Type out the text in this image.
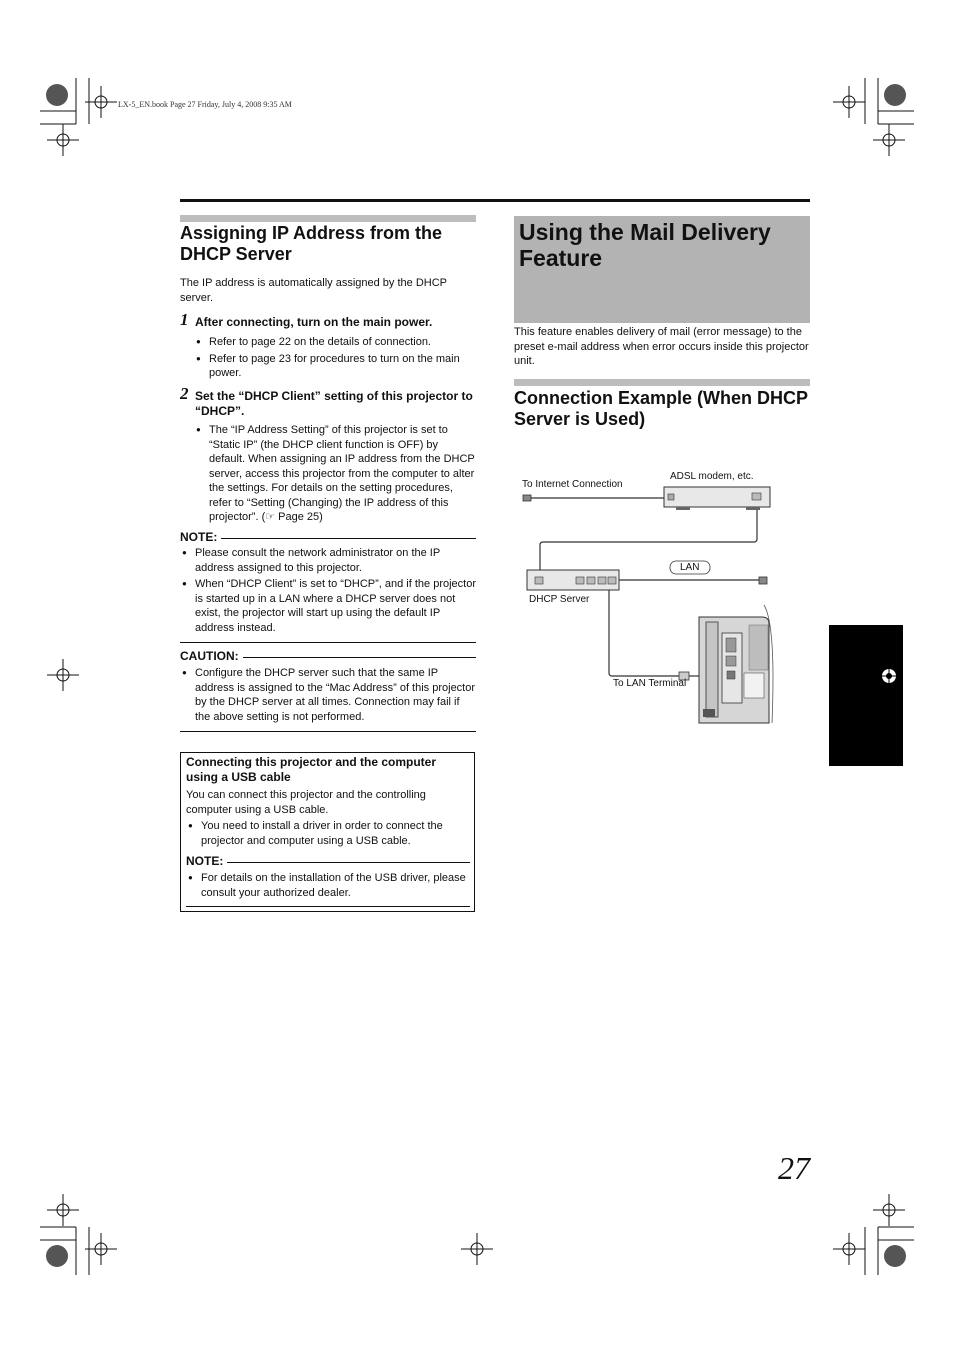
LX-5_EN.book Page 27 Friday, July 4, 2008 9:35 AM
Assigning IP Address from the DHCP Server

The IP address is automatically assigned by the DHCP server.

1 After connecting, turn on the main power.

● Refer to page 22 on the details of connection.

● Refer to page 23 for procedures to turn on the main power.

2 Set the “DHCP Client” setting of this projector to “DHCP”.

● The “IP Address Setting” of this projector is set to “Static IP” (the DHCP client function is OFF) by default. When assigning an IP address from the DHCP server, access this projector from the computer to alter the settings. For details on the setting procedures, refer to “Setting (Changing) the IP address of this projector”. (☞ Page 25)

NOTE:

● Please consult the network administrator on the IP address assigned to this projector.

● When “DHCP Client” is set to “DHCP”, and if the projector is started up in a LAN where a DHCP server does not exist, the projector will start up using the default IP address instead.

CAUTION:

● Configure the DHCP server such that the same IP address is assigned to the “Mac Address” of this projector by the DHCP server at all times. Connection may fail if the above setting is not performed.

Connecting this projector and the computer using a USB cable

You can connect this projector and the controlling computer using a USB cable.

● You need to install a driver in order to connect the projector and computer using a USB cable.

NOTE:

● For details on the installation of the USB driver, please consult your authorized dealer.

Using the Mail Delivery Feature

This feature enables delivery of mail (error message) to the preset e-mail address when error occurs inside this projector unit.

Connection Example (When DHCP Server is Used)
To Internet Connection
ADSL modem, etc.
LAN
DHCP Server
To LAN Terminal
27
